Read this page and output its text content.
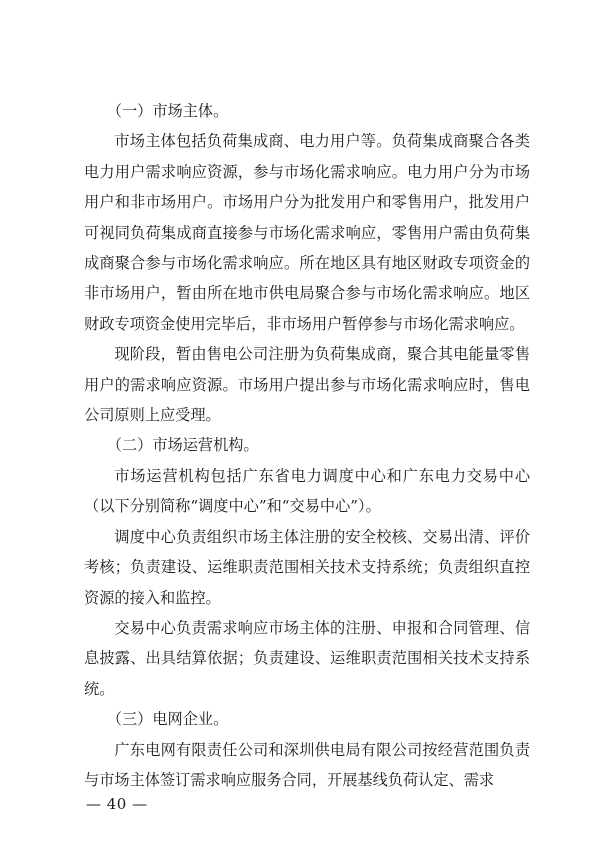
（一）市场主体。

市场主体包括负荷集成商、电力用户等。负荷集成商聚合各类电力用户需求响应资源，参与市场化需求响应。电力用户分为市场用户和非市场用户。市场用户分为批发用户和零售用户，批发用户可视同负荷集成商直接参与市场化需求响应，零售用户需由负荷集成商聚合参与市场化需求响应。所在地区具有地区财政专项资金的非市场用户，暂由所在地市供电局聚合参与市场化需求响应。地区财政专项资金使用完毕后，非市场用户暂停参与市场化需求响应。

现阶段，暂由售电公司注册为负荷集成商，聚合其电能量零售用户的需求响应资源。市场用户提出参与市场化需求响应时，售电公司原则上应受理。

（二）市场运营机构。

市场运营机构包括广东省电力调度中心和广东电力交易中心（以下分别简称“调度中心”和“交易中心”）。

调度中心负责组织市场主体注册的安全校核、交易出清、评价考核；负责建设、运维职责范围相关技术支持系统；负责组织直控资源的接入和监控。

交易中心负责需求响应市场主体的注册、申报和合同管理、信息披露、出具结算依据；负责建设、运维职责范围相关技术支持系统。

（三）电网企业。

广东电网有限责任公司和深圳供电局有限公司按经营范围负责与市场主体签订需求响应服务合同，开展基线负荷认定、需求

— 40 —
